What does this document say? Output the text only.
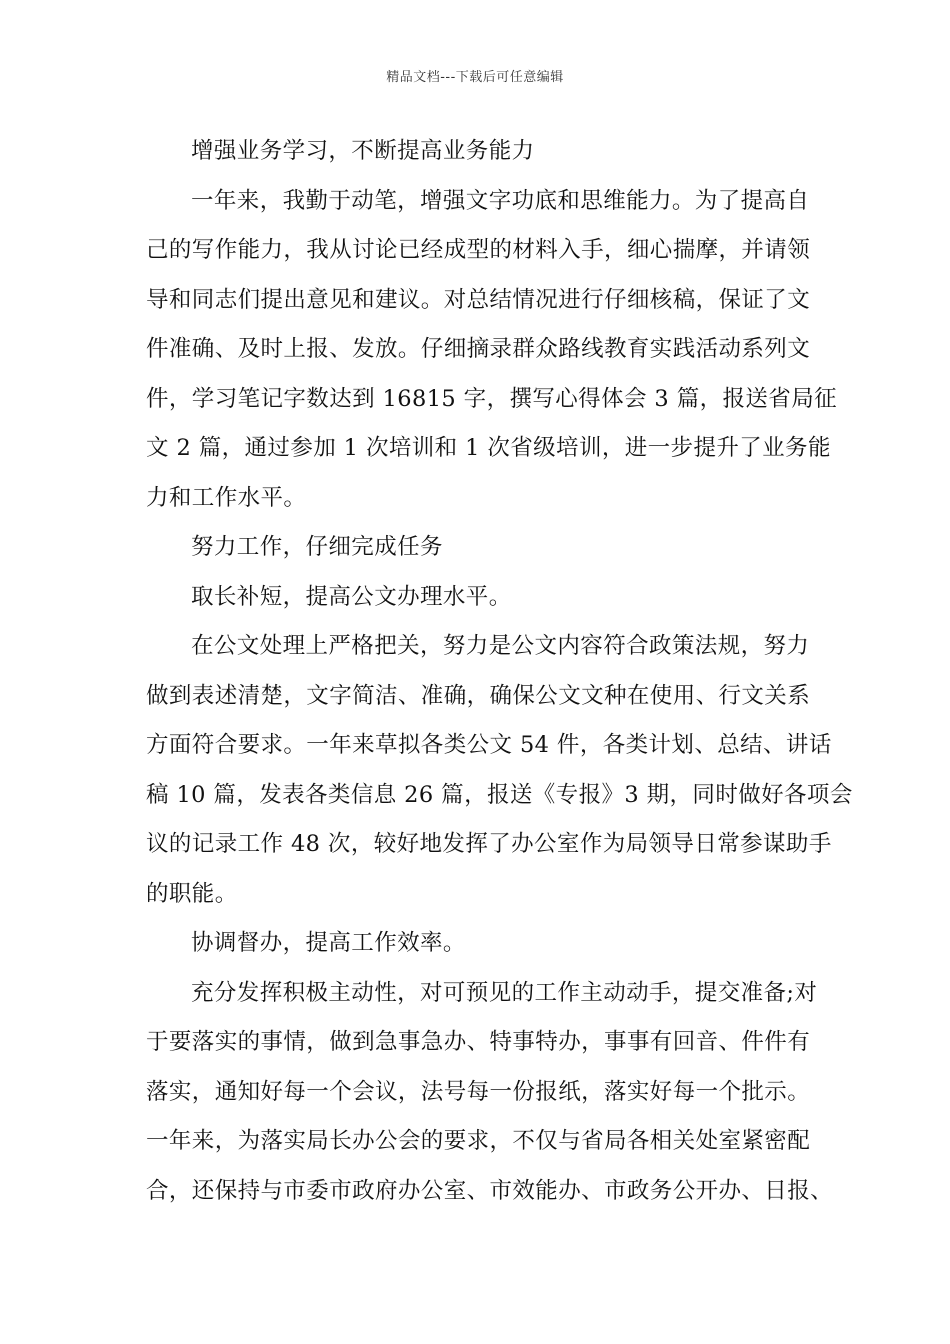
精品文档---下载后可任意编辑
增强业务学习，不断提高业务能力
一年来，我勤于动笔，增强文字功底和思维能力。为了提高自
己的写作能力，我从讨论已经成型的材料入手，细心揣摩，并请领
导和同志们提出意见和建议。对总结情况进行仔细核稿，保证了文
件准确、及时上报、发放。仔细摘录群众路线教育实践活动系列文
件，学习笔记字数达到 16815 字，撰写心得体会 3 篇，报送省局征
文 2 篇，通过参加 1 次培训和 1 次省级培训，进一步提升了业务能
力和工作水平。
努力工作，仔细完成任务
取长补短，提高公文办理水平。
在公文处理上严格把关，努力是公文内容符合政策法规，努力
做到表述清楚，文字简洁、准确，确保公文文种在使用、行文关系
方面符合要求。一年来草拟各类公文 54 件，各类计划、总结、讲话
稿 10 篇，发表各类信息 26 篇，报送《专报》3 期，同时做好各项会
议的记录工作 48 次，较好地发挥了办公室作为局领导日常参谋助手
的职能。
协调督办，提高工作效率。
充分发挥积极主动性，对可预见的工作主动动手，提交准备;对
于要落实的事情，做到急事急办、特事特办，事事有回音、件件有
落实，通知好每一个会议，法号每一份报纸，落实好每一个批示。
一年来，为落实局长办公会的要求，不仅与省局各相关处室紧密配
合，还保持与市委市政府办公室、市效能办、市政务公开办、日报、
